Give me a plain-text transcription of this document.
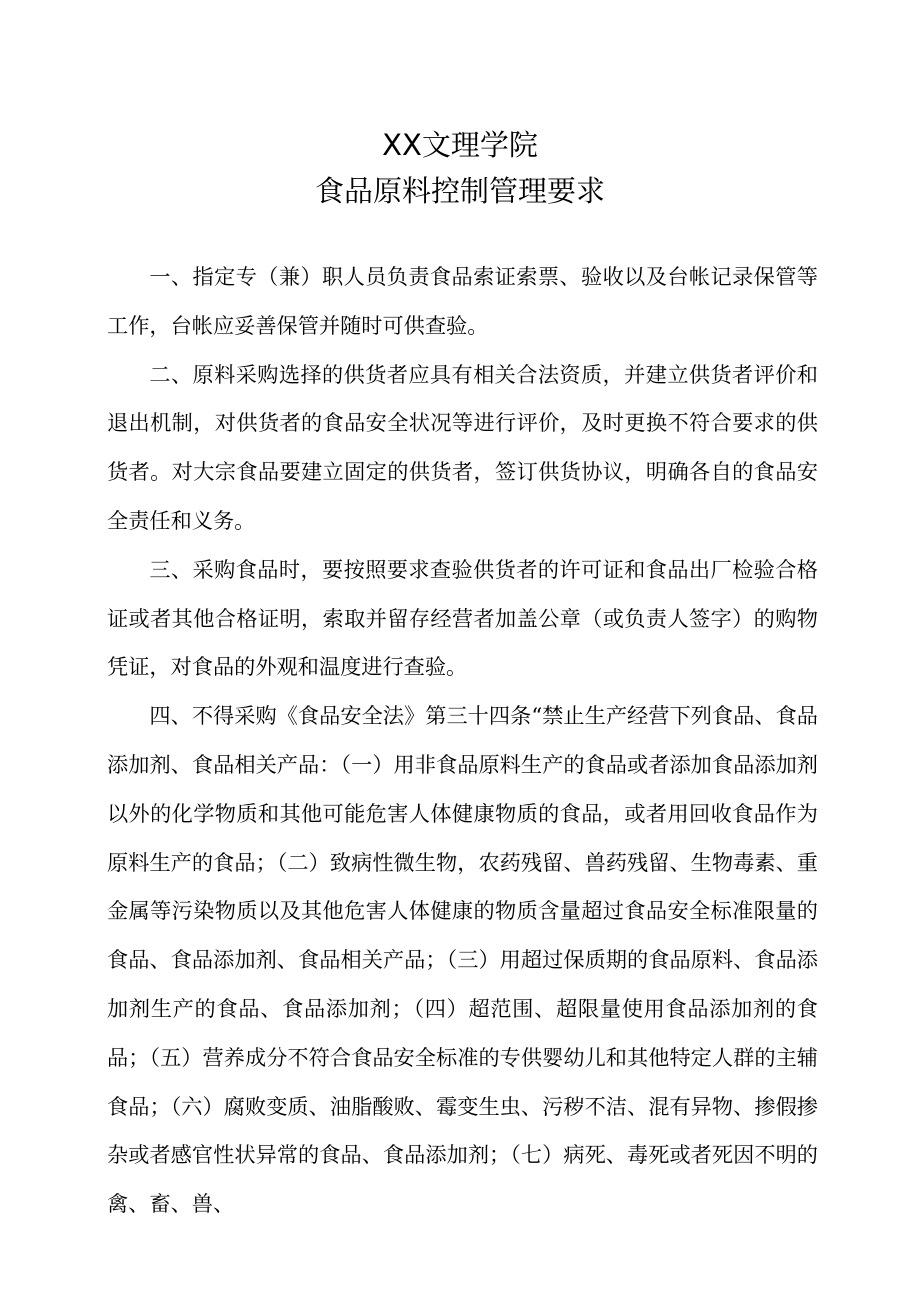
XX文理学院
食品原料控制管理要求

一、指定专（兼）职人员负责食品索证索票、验收以及台帐记录保管等工作，台帐应妥善保管并随时可供查验。

二、原料采购选择的供货者应具有相关合法资质，并建立供货者评价和退出机制，对供货者的食品安全状况等进行评价，及时更换不符合要求的供货者。对大宗食品要建立固定的供货者，签订供货协议，明确各自的食品安全责任和义务。

三、采购食品时，要按照要求查验供货者的许可证和食品出厂检验合格证或者其他合格证明，索取并留存经营者加盖公章（或负责人签字）的购物凭证，对食品的外观和温度进行查验。

四、不得采购《食品安全法》第三十四条“禁止生产经营下列食品、食品添加剂、食品相关产品：（一）用非食品原料生产的食品或者添加食品添加剂以外的化学物质和其他可能危害人体健康物质的食品，或者用回收食品作为原料生产的食品；（二）致病性微生物，农药残留、兽药残留、生物毒素、重金属等污染物质以及其他危害人体健康的物质含量超过食品安全标准限量的食品、食品添加剂、食品相关产品；（三）用超过保质期的食品原料、食品添加剂生产的食品、食品添加剂；（四）超范围、超限量使用食品添加剂的食品；（五）营养成分不符合食品安全标准的专供婴幼儿和其他特定人群的主辅食品；（六）腐败变质、油脂酸败、霉变生虫、污秽不洁、混有异物、掺假掺杂或者感官性状异常的食品、食品添加剂；（七）病死、毒死或者死因不明的禽、畜、兽、
